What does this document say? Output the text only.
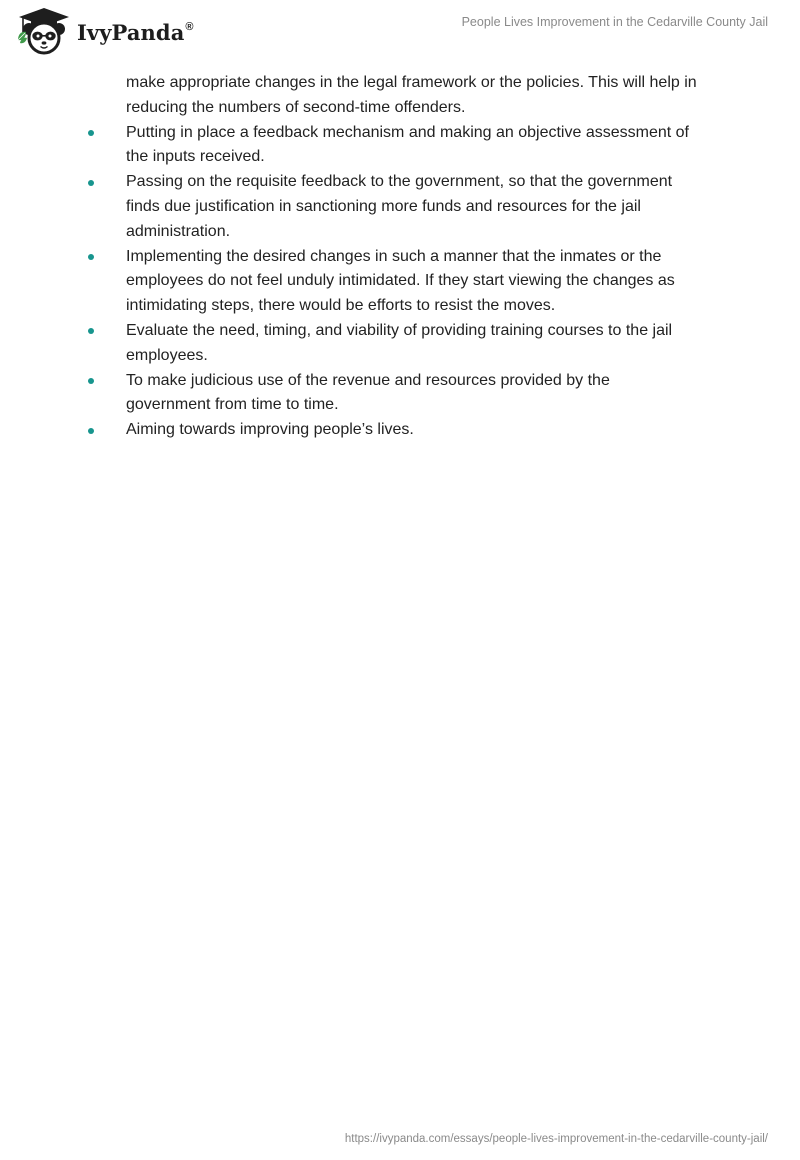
IvyPanda®	People Lives Improvement in the Cedarville County Jail
make appropriate changes in the legal framework or the policies. This will help in
reducing the numbers of second-time offenders.
Putting in place a feedback mechanism and making an objective assessment of
the inputs received.
Passing on the requisite feedback to the government, so that the government
finds due justification in sanctioning more funds and resources for the jail
administration.
Implementing the desired changes in such a manner that the inmates or the
employees do not feel unduly intimidated. If they start viewing the changes as
intimidating steps, there would be efforts to resist the moves.
Evaluate the need, timing, and viability of providing training courses to the jail
employees.
To make judicious use of the revenue and resources provided by the
government from time to time.
Aiming towards improving people’s lives.
https://ivypanda.com/essays/people-lives-improvement-in-the-cedarville-county-jail/
